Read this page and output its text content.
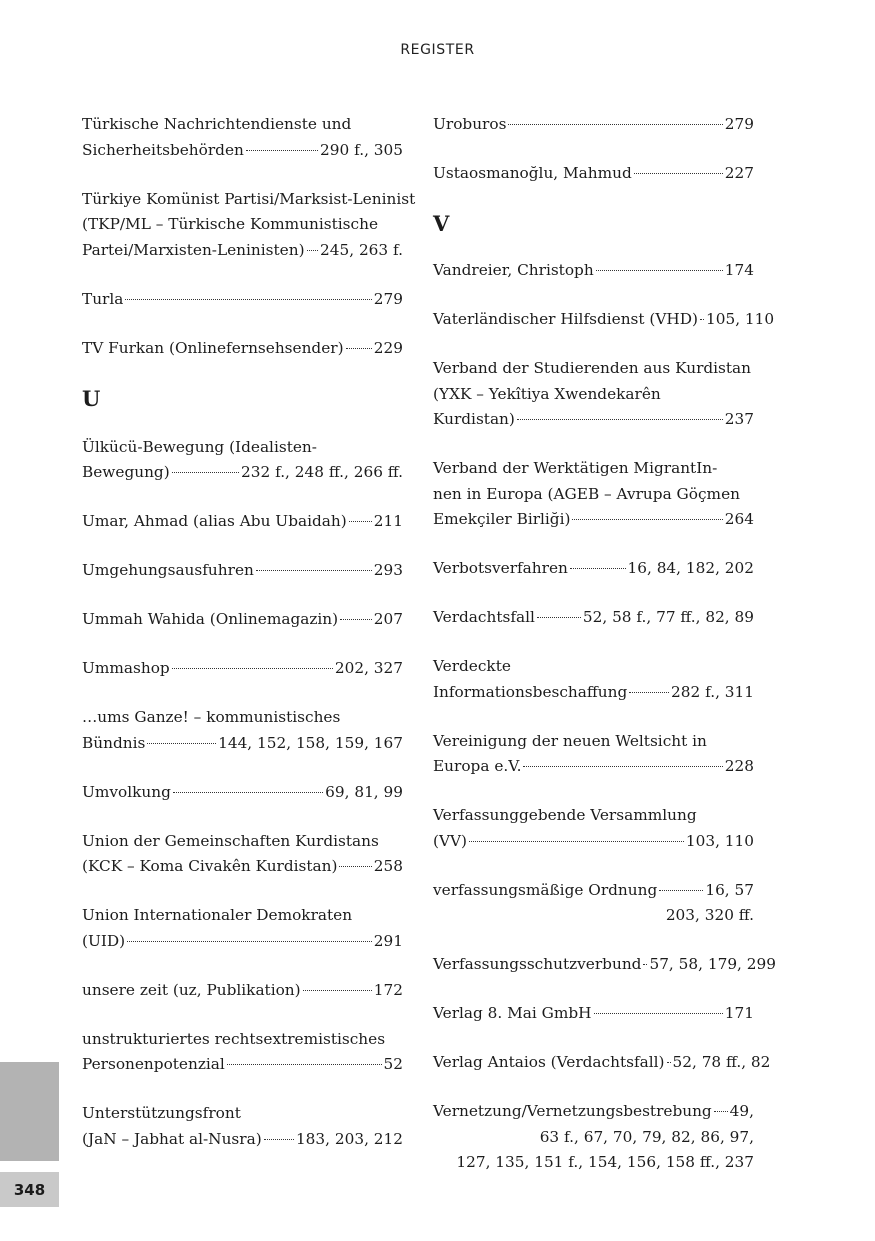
REGISTER
Türkische Nachrichtendienste und
Sicherheitsbehörden	290 f., 305
Türkiye Komünist Partisi/Marksist-Leninist
(TKP/ML – Türkische Kommunistische
Partei/Marxisten-Leninisten) 245, 263 f.
Turla	279
TV Furkan (Onlinefernsehsender) 229
U
Ülkücü-Bewegung (Idealisten-
Bewegung)	232 f., 248 ff., 266 ff.
Umar, Ahmad (alias Abu Ubaidah) 211
Umgehungsausfuhren	293
Ummah Wahida (Onlinemagazin) 207
Ummashop	202, 327
…ums Ganze! – kommunistisches
Bündnis	144, 152, 158, 159, 167
Umvolkung	69, 81, 99
Union der Gemeinschaften Kurdistans
(KCK – Koma Civakên Kurdistan) 258
Union Internationaler Demokraten
(UID)	291
unsere zeit (uz, Publikation)	172
unstrukturiertes rechtsextremistisches
Personenpotenzial	52
Unterstützungsfront
(JaN – Jabhat al-Nusra) 183, 203, 212
Uroburos	279
Ustaosmanoğlu, Mahmud	227
V
Vandreier, Christoph	174
Vaterländischer Hilfsdienst (VHD) 105, 110
Verband der Studierenden aus Kurdistan
(YXK – Yekîtiya Xwendekarên
Kurdistan)	237
Verband der Werktätigen MigrantIn-
nen in Europa (AGEB – Avrupa Göçmen
Emekçiler Birliği)	264
Verbotsverfahren	16, 84, 182, 202
Verdachtsfall	52, 58 f., 77 ff., 82, 89
Verdeckte
Informationsbeschaffung	282 f., 311
Vereinigung der neuen Weltsicht in
Europa e.V.	228
Verfassunggebende Versammlung
(VV)	103, 110
verfassungsmäßige Ordnung	16, 57
203, 320 ff.
Verfassungsschutzverbund 57, 58, 179, 299
Verlag 8. Mai GmbH	171
Verlag Antaios (Verdachtsfall) 52, 78 ff., 82
Vernetzung/Vernetzungsbestrebung 49,
63 f., 67, 70, 79, 82, 86, 97,
127, 135, 151 f., 154, 156, 158 ff., 237
348
